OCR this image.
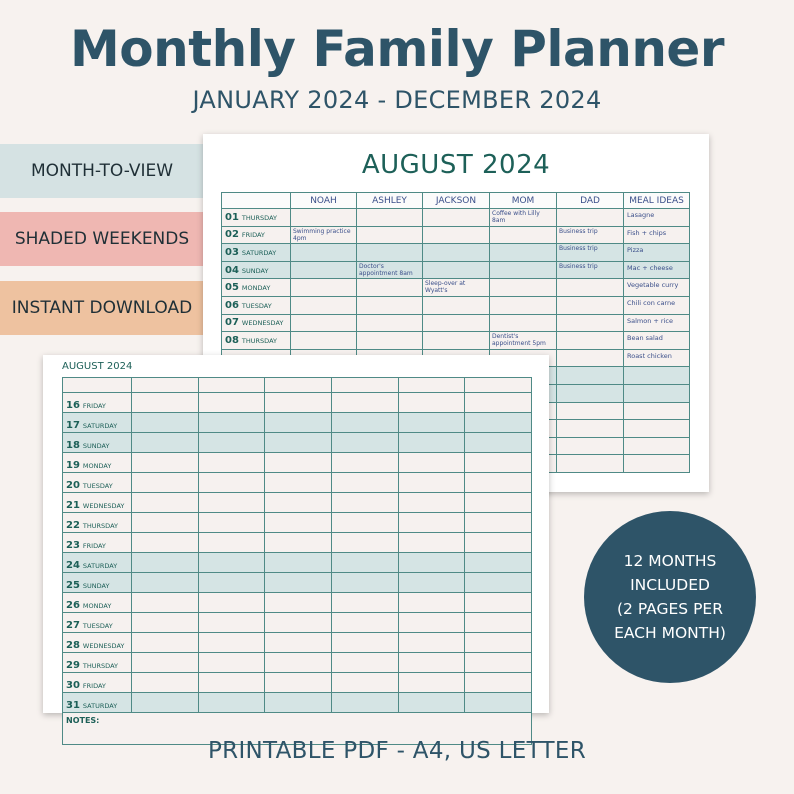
Monthly Family Planner
JANUARY 2024 - DECEMBER 2024
MONTH-TO-VIEW
SHADED WEEKENDS
INSTANT DOWNLOAD
AUGUST 2024
	NOAH	ASHLEY	JACKSON	MOM	DAD	MEAL IDEAS
01 THURSDAY				Coffee with Lilly 8am		Lasagne

02 FRIDAY	Swimming practice 4pm				Business trip	Fish + chips

03 SATURDAY					Business trip	Pizza

04 SUNDAY		Doctor's appointment 8am			Business trip	Mac + cheese

05 MONDAY			Sleep-over at Wyatt's			Vegetable curry

06 TUESDAY						Chili con carne

07 WEDNESDAY						Salmon + rice

08 THURSDAY				Dentist's appointment 5pm		Bean salad

						Roast chicken

AUGUST 2024

16 FRIDAY						
17 SATURDAY						
18 SUNDAY						
19 MONDAY						
20 TUESDAY						
21 WEDNESDAY						
22 THURSDAY						
23 FRIDAY						
24 SATURDAY						
25 SUNDAY						
26 MONDAY						
27 TUESDAY						
28 WEDNESDAY						
29 THURSDAY						
30 FRIDAY						
31 SATURDAY						
NOTES:						
12 MONTHS
INCLUDED
(2 PAGES PER
EACH MONTH)
PRINTABLE PDF - A4, US LETTER
